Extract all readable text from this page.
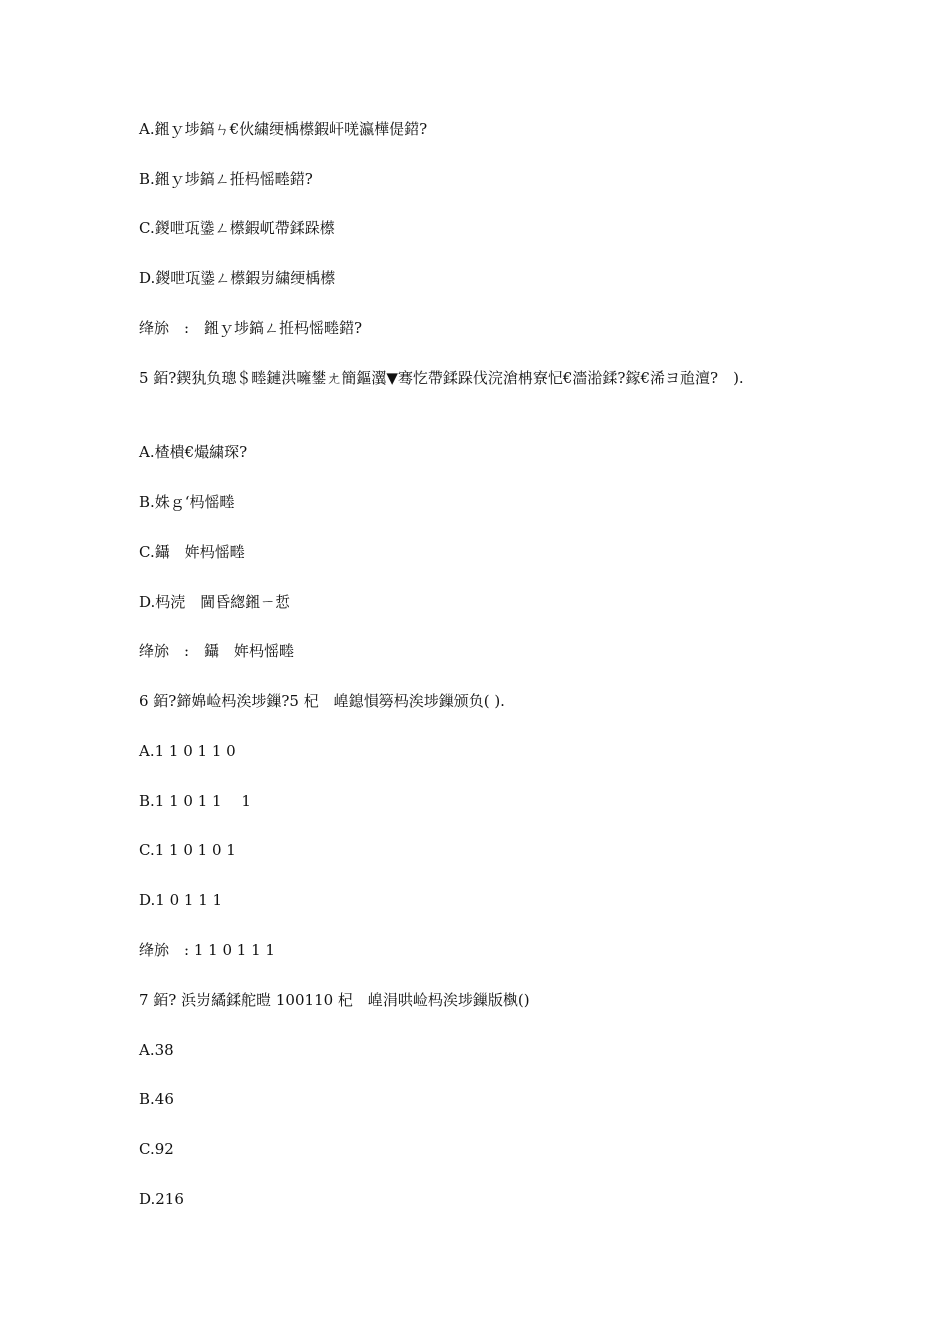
A.鎺ｙ埗鎬ㄣ€伙繍绠楀櫒鍜屽唴瀛樺偍鍣?
B.鎺ｙ埗鎬ㄥ拰杩愮畻鍣?
C.鍐呭瓨鍌ㄥ櫒鍜屼帶鍒跺櫒
D.鍐呭瓨鍌ㄥ櫒鍜岃繍绠楀櫒
绛旀　:　鎺ｙ埗鎬ㄥ拰杩愮畻鍣?
5 銆?鍥犱负璁＄畻鏈洪噰鐢ㄤ簡鏂瀷▼骞忔帶鍒跺伐浣滄柟寮忋€濇湁鍒?鎵€浠ヨ兘澶?　).
A.楂樻€熶繍琛?
B.姝ｇ‘杩愮畻
C.鑷　姩杩愮畻
D.杩涜　閫昏緫鎺ㄧ悊
绛旀　:　鑷　姩杩愮畻
6 銆?鍗婂崄杩涘埗鏁?5 杞　崲鎴愪簩杩涘埗鏁颁负( ).
A.1 1 0 1 1 0
B.1 1 0 1 1　 1
C.1 1 0 1 0 1
D.1 0 1 1 1
绛旀　: 1 1 0 1 1 1
7 銆? 浜岃繘鍒舵暟 100110 杞　崲涓哄崄杩涘埗鏁版槸()
A.38
B.46
C.92
D.216
